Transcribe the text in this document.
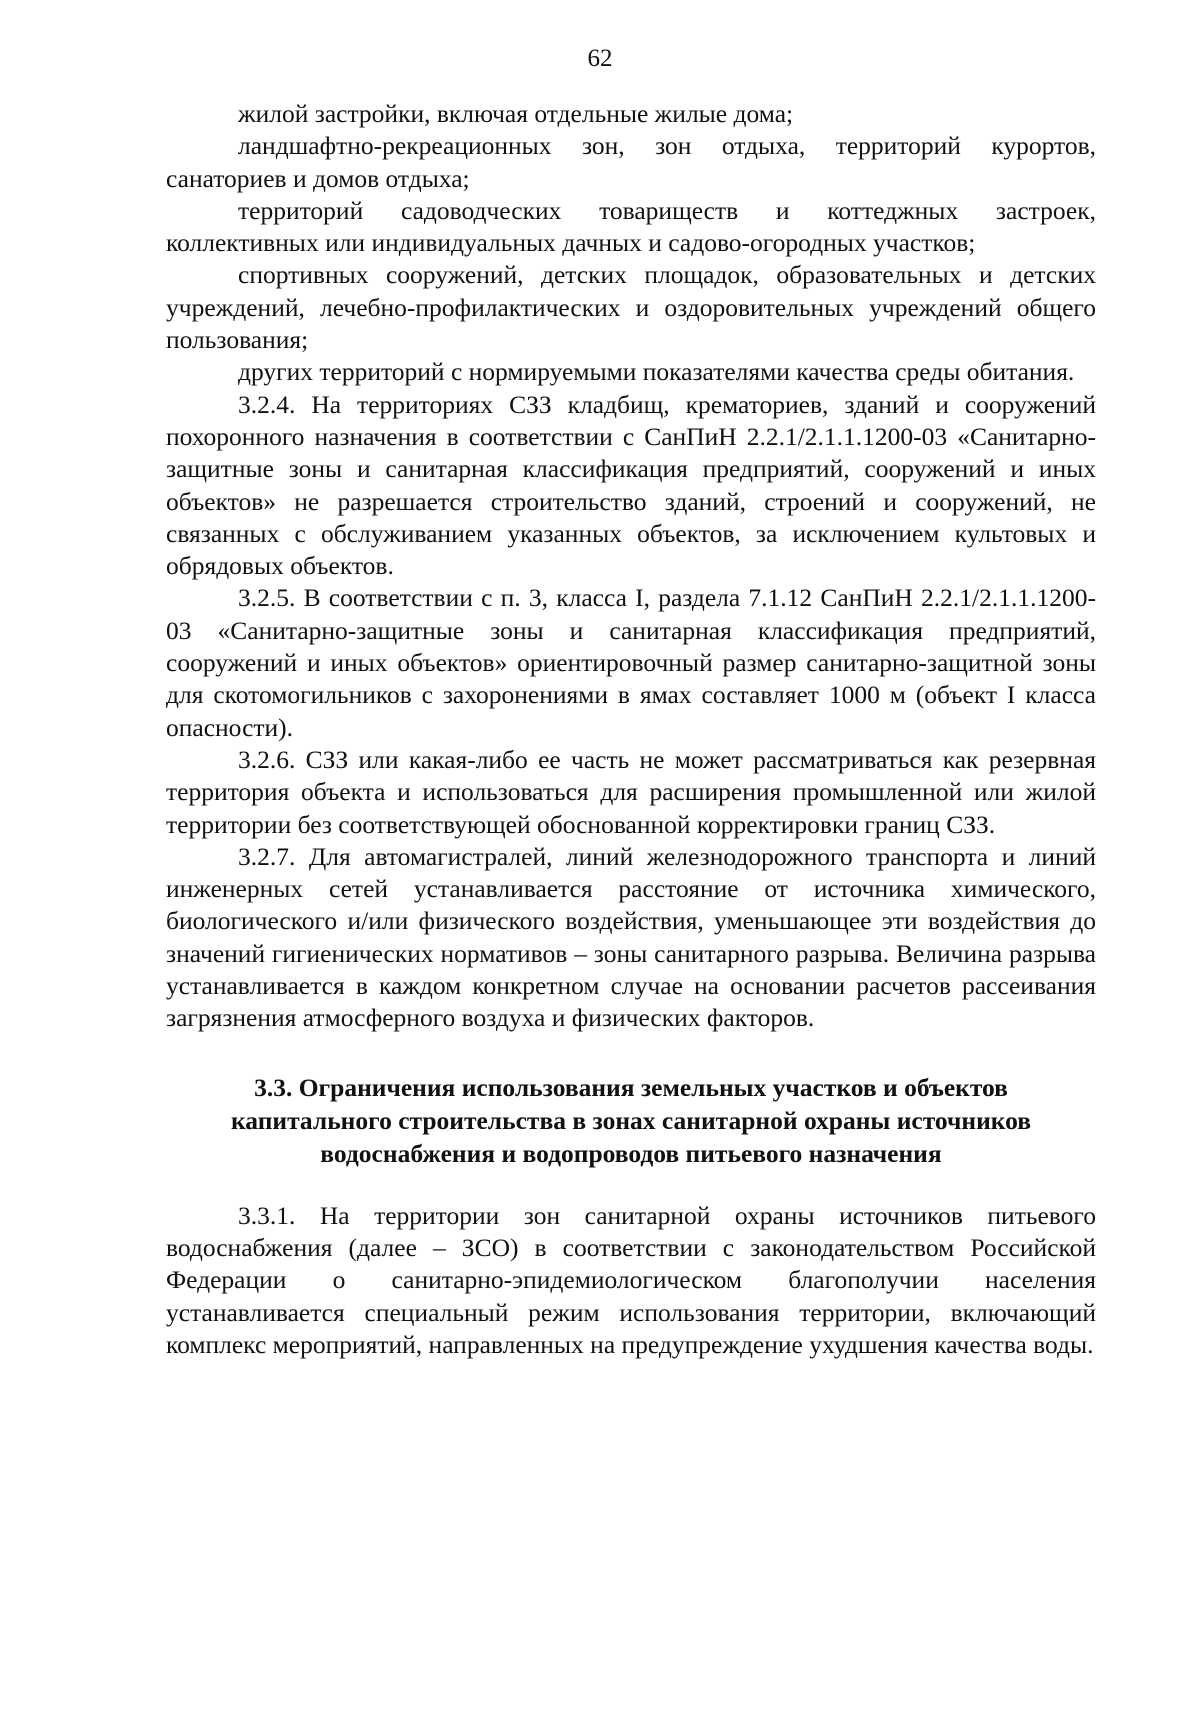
62

жилой застройки, включая отдельные жилые дома;

ландшафтно-рекреационных зон, зон отдыха, территорий курортов, санаториев и домов отдыха;

территорий садоводческих товариществ и коттеджных застроек, коллективных или индивидуальных дачных и садово-огородных участков;

спортивных сооружений, детских площадок, образовательных и детских учреждений, лечебно-профилактических и оздоровительных учреждений общего пользования;

других территорий с нормируемыми показателями качества среды обитания.

3.2.4. На территориях СЗЗ кладбищ, крематориев, зданий и сооружений похоронного назначения в соответствии с СанПиН 2.2.1/2.1.1.1200-03 «Санитарно-защитные зоны и санитарная классификация предприятий, сооружений и иных объектов» не разрешается строительство зданий, строений и сооружений, не связанных с обслуживанием указанных объектов, за исключением культовых и обрядовых объектов.

3.2.5. В соответствии с п. 3, класса I, раздела 7.1.12 СанПиН 2.2.1/2.1.1.1200-03 «Санитарно-защитные зоны и санитарная классификация предприятий, сооружений и иных объектов» ориентировочный размер санитарно-защитной зоны для скотомогильников с захоронениями в ямах составляет 1000 м (объект I класса опасности).

3.2.6. СЗЗ или какая-либо ее часть не может рассматриваться как резервная территория объекта и использоваться для расширения промышленной или жилой территории без соответствующей обоснованной корректировки границ СЗЗ.

3.2.7. Для автомагистралей, линий железнодорожного транспорта и линий инженерных сетей устанавливается расстояние от источника химического, биологического и/или физического воздействия, уменьшающее эти воздействия до значений гигиенических нормативов – зоны санитарного разрыва. Величина разрыва устанавливается в каждом конкретном случае на основании расчетов рассеивания загрязнения атмосферного воздуха и физических факторов.

3.3. Ограничения использования земельных участков и объектов
капитального строительства в зонах санитарной охраны источников
водоснабжения и водопроводов питьевого назначения

3.3.1. На территории зон санитарной охраны источников питьевого водоснабжения (далее – ЗСО) в соответствии с законодательством Российской Федерации о санитарно-эпидемиологическом благополучии населения устанавливается специальный режим использования территории, включающий комплекс мероприятий, направленных на предупреждение ухудшения качества воды.
